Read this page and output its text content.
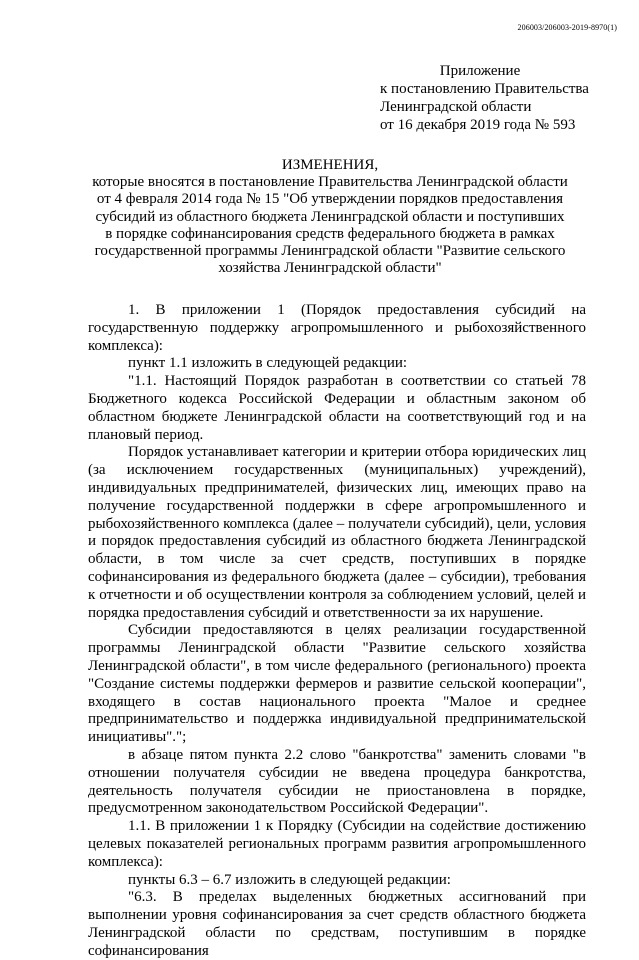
206003/206003-2019-8970(1)
Приложение
к постановлению Правительства
Ленинградской области
от 16 декабря 2019 года № 593
ИЗМЕНЕНИЯ,
которые вносятся в постановление Правительства Ленинградской области
от 4 февраля 2014 года № 15 "Об утверждении порядков предоставления
субсидий из областного бюджета Ленинградской области и поступивших
в порядке софинансирования средств федерального бюджета в рамках
государственной программы Ленинградской области "Развитие сельского
хозяйства Ленинградской области"

1. В приложении 1 (Порядок предоставления субсидий на государственную поддержку агропромышленного и рыбохозяйственного комплекса):

пункт 1.1 изложить в следующей редакции:

"1.1. Настоящий Порядок разработан в соответствии со статьей 78 Бюджетного кодекса Российской Федерации и областным законом об областном бюджете Ленинградской области на соответствующий год и на плановый период.

Порядок устанавливает категории и критерии отбора юридических лиц (за исключением государственных (муниципальных) учреждений), индивидуальных предпринимателей, физических лиц, имеющих право на получение государственной поддержки в сфере агропромышленного и рыбохозяйственного комплекса (далее – получатели субсидий), цели, условия и порядок предоставления субсидий из областного бюджета Ленинградской области, в том числе за счет средств, поступивших в порядке софинансирования из федерального бюджета (далее – субсидии), требования к отчетности и об осуществлении контроля за соблюдением условий, целей и порядка предоставления субсидий и ответственности за их нарушение.

Субсидии предоставляются в целях реализации государственной программы Ленинградской области "Развитие сельского хозяйства Ленинградской области", в том числе федерального (регионального) проекта "Создание системы поддержки фермеров и развитие сельской кооперации", входящего в состав национального проекта "Малое и среднее предпринимательство и поддержка индивидуальной предпринимательской инициативы".";

в абзаце пятом пункта 2.2 слово "банкротства" заменить словами "в отношении получателя субсидии не введена процедура банкротства, деятельность получателя субсидии не приостановлена в порядке, предусмотренном законодательством Российской Федерации".

1.1. В приложении 1 к Порядку (Субсидии на содействие достижению целевых показателей региональных программ развития агропромышленного комплекса):

пункты 6.3 – 6.7 изложить в следующей редакции:

"6.3. В пределах выделенных бюджетных ассигнований при выполнении уровня софинансирования за счет средств областного бюджета Ленинградской области по средствам, поступившим в порядке софинансирования
